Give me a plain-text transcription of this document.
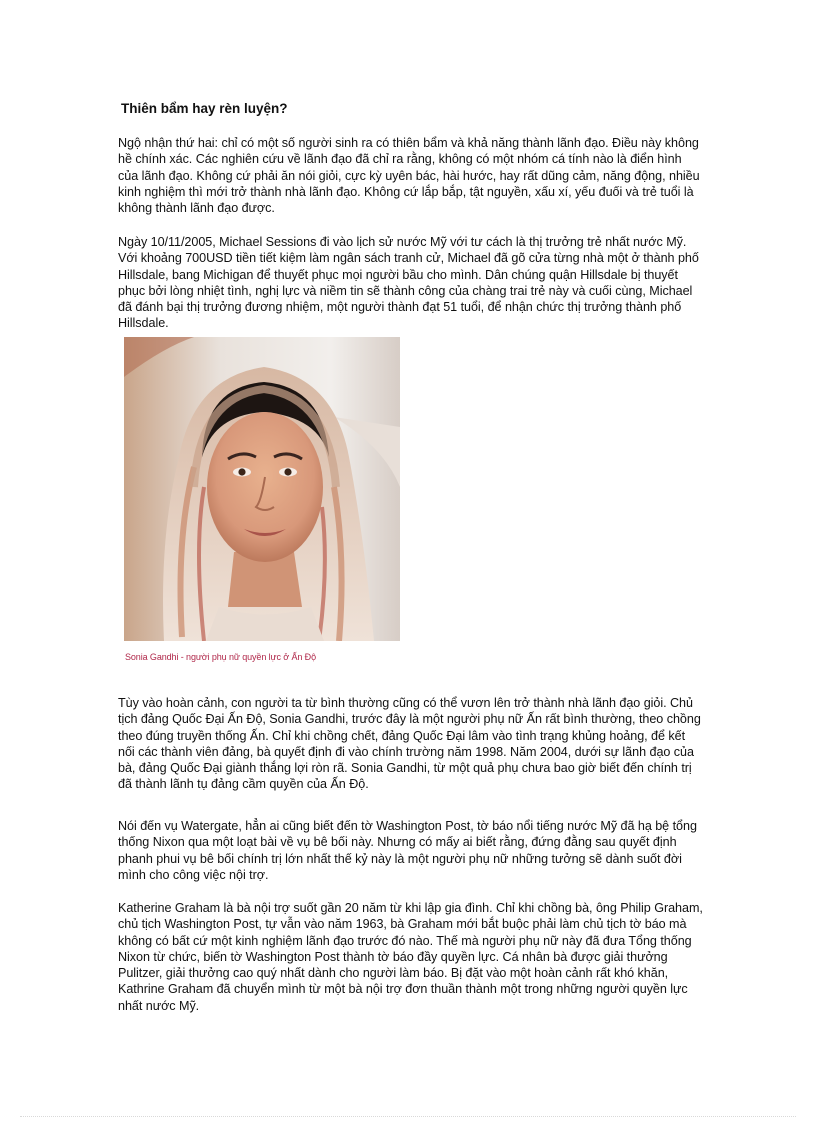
Thiên bẩm hay rèn luyện?

Ngộ nhận thứ hai: chỉ có một số người sinh ra có thiên bẩm và khả năng thành lãnh đạo. Điều này không hề chính xác. Các nghiên cứu về lãnh đạo đã chỉ ra rằng, không có một nhóm cá tính nào là điển hình của lãnh đạo. Không cứ phải ăn nói giỏi, cực kỳ uyên bác, hài hước, hay rất dũng cảm, năng động, nhiều kinh nghiệm thì mới trở thành nhà lãnh đạo. Không cứ lắp bắp, tật nguyền, xấu xí, yếu đuối và trẻ tuổi là không thành lãnh đạo được.

Ngày 10/11/2005, Michael Sessions đi vào lịch sử nước Mỹ với tư cách là thị trưởng trẻ nhất nước Mỹ. Với khoảng 700USD tiền tiết kiệm làm ngân sách tranh cử, Michael đã gõ cửa từng nhà một ở thành phố Hillsdale, bang Michigan để thuyết phục mọi người bầu cho mình. Dân chúng quận Hillsdale bị thuyết phục bởi lòng nhiệt tình, nghị lực và niềm tin sẽ thành công của chàng trai trẻ này và cuối cùng, Michael đã đánh bại thị trưởng đương nhiệm, một người thành đạt 51 tuổi, để nhận chức thị trưởng thành phố Hillsdale.

Sonia Gandhi - người phụ nữ quyền lực ở Ấn Độ

Tùy vào hoàn cảnh, con người ta từ bình thường cũng có thể vươn lên trở thành nhà lãnh đạo giỏi. Chủ tịch đảng Quốc Đại Ấn Độ, Sonia Gandhi, trước đây là một người phụ nữ Ấn rất bình thường, theo chồng theo đúng truyền thống Ấn. Chỉ khi chồng chết, đảng Quốc Đại lâm vào tình trạng khủng hoảng, để kết nối các thành viên đảng, bà quyết định đi vào chính trường năm 1998. Năm 2004, dưới sự lãnh đạo của bà, đảng Quốc Đại giành thắng lợi ròn rã. Sonia Gandhi, từ một quả phụ chưa bao giờ biết đến chính trị đã thành lãnh tụ đảng cầm quyền của Ấn Độ.

Nói đến vụ Watergate, hẳn ai cũng biết đến tờ Washington Post, tờ báo nổi tiếng nước Mỹ đã hạ bệ tổng thống Nixon qua một loạt bài về vụ bê bối này. Nhưng có mấy ai biết rằng, đứng đằng sau quyết định phanh phui vụ bê bối chính trị lớn nhất thế kỷ này là một người phụ nữ những tưởng sẽ dành suốt đời mình cho công việc nội trợ.

Katherine Graham là bà nội trợ suốt gần 20 năm từ khi lập gia đình. Chỉ khi chồng bà, ông Philip Graham, chủ tịch Washington Post, tự vẫn vào năm 1963, bà Graham mới bắt buộc phải làm chủ tịch tờ báo mà không có bất cứ một kinh nghiệm lãnh đạo trước đó nào. Thế mà người phụ nữ này đã đưa Tổng thống Nixon từ chức, biến tờ Washington Post thành tờ báo đầy quyền lực. Cá nhân bà được giải thưởng Pulitzer, giải thưởng cao quý nhất dành cho người làm báo. Bị đặt vào một hoàn cảnh rất khó khăn, Kathrine Graham đã chuyển mình từ một bà nội trợ đơn thuần thành một trong những người quyền lực nhất nước Mỹ.
